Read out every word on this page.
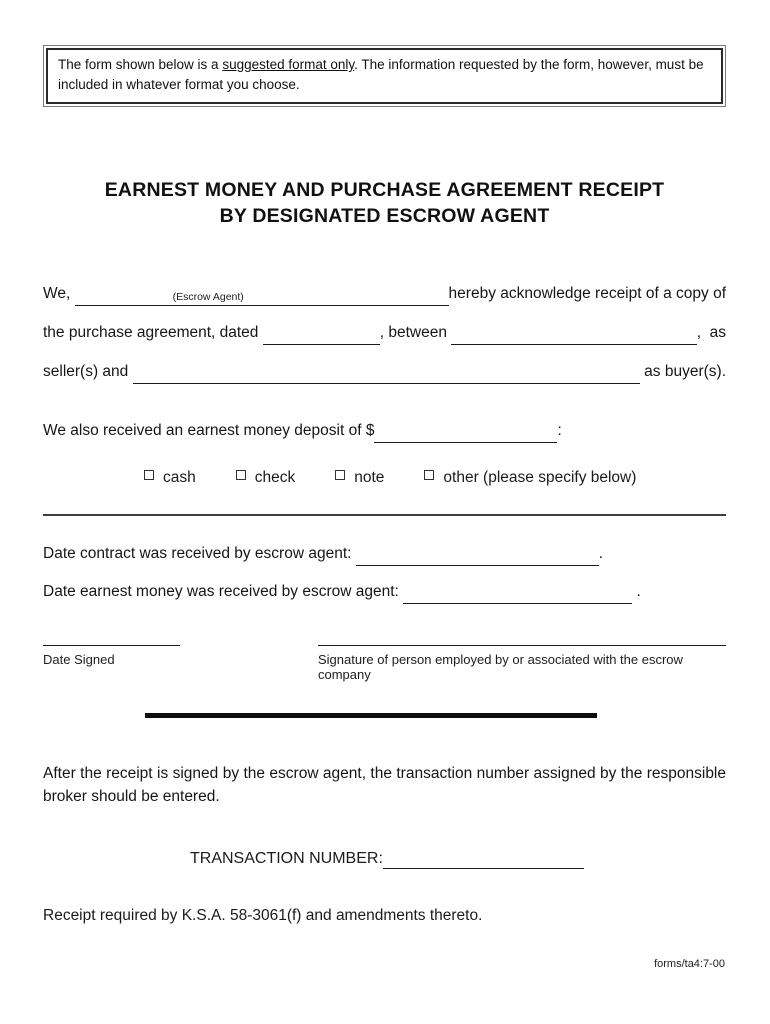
The form shown below is a suggested format only. The information requested by the form, however, must be included in whatever format you choose.

EARNEST MONEY AND PURCHASE AGREEMENT RECEIPT
BY DESIGNATED ESCROW AGENT
We,	(Escrow Agent)	hereby acknowledge receipt of a copy of
the purchase agreement, dated	, between	,  as
seller(s) and	as buyer(s).
We also received an earnest money deposit of $	:
cash	check	note	other (please specify below)
Date contract was received by escrow agent:	.
Date earnest money was received by escrow agent:	.
Date Signed	Signature of person employed by or associated with the escrow company

After the receipt is signed by the escrow agent, the transaction number assigned by the responsible broker should be entered.

TRANSACTION NUMBER:

Receipt required by K.S.A. 58-3061(f) and amendments thereto.

forms/ta4:7-00
